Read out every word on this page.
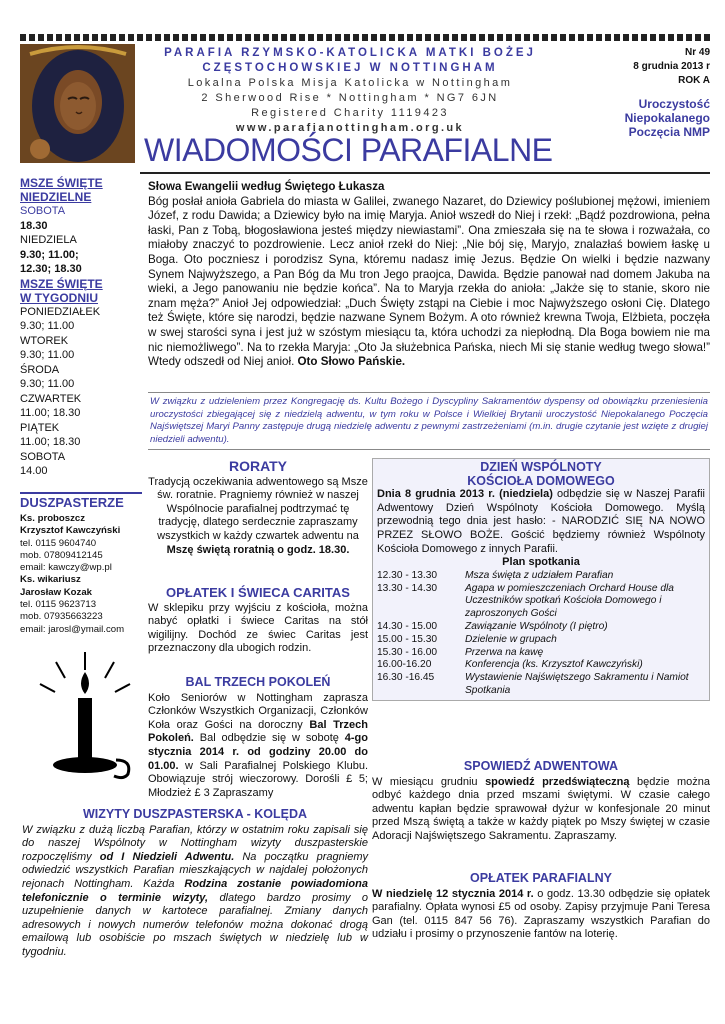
PARAFIA RZYMSKO-KATOLICKA MATKI BOŻEJ
CZĘSTOCHOWSKIEJ W NOTTINGHAM
Lokalna Polska Misja Katolicka w Nottingham
2 Sherwood Rise * Nottingham * NG7 6JN
Registered Charity 1119423
www.parafianottingham.org.uk
Nr 49
8 grudnia 2013 r
ROK A
Uroczystość
Niepokalanego
Poczęcia NMP
WIADOMOŚCI PARAFIALNE
MSZE ŚWIĘTE
NIEDZIELNE
SOBOTA
18.30
NIEDZIELA
9.30; 11.00;
12.30; 18.30
MSZE ŚWIĘTE
W TYGODNIU
PONIEDZIAŁEK
9.30; 11.00
WTOREK
9.30; 11.00
ŚRODA
9.30; 11.00
CZWARTEK
11.00; 18.30
PIĄTEK
11.00; 18.30
SOBOTA
14.00
DUSZPASTERZE
Ks. proboszcz
Krzysztof Kawczyński
tel. 0115 9604740
mob. 07809412145
email: kawczy@wp.pl
Ks. wikariusz
Jarosław Kozak
tel. 0115 9623713
mob. 07935663223
email: jarosl@ymail.com
Słowa Ewangelii według Świętego Łukasza
Bóg posłał anioła Gabriela do miasta w Galilei, zwanego Nazaret, do Dziewicy poślubionej mężowi, imieniem Józef, z rodu Dawida; a Dziewicy było na imię Maryja. Anioł wszedł do Niej i rzekł: „Bądź pozdrowiona, pełna łaski, Pan z Tobą, błogosławiona jesteś między niewiastami”. Ona zmieszała się na te słowa i rozważała, co miałoby znaczyć to pozdrowienie. Lecz anioł rzekł do Niej: „Nie bój się, Maryjo, znalazłaś bowiem łaskę u Boga. Oto poczniesz i porodzisz Syna, któremu nadasz imię Jezus. Będzie On wielki i będzie nazwany Synem Najwyższego, a Pan Bóg da Mu tron Jego praojca, Dawida. Będzie panował nad domem Jakuba na wieki, a Jego panowaniu nie będzie końca”. Na to Maryja rzekła do anioła: „Jakże się to stanie, skoro nie znam męża?” Anioł Jej odpowiedział: „Duch Święty zstąpi na Ciebie i moc Najwyższego osłoni Cię. Dlatego też Święte, które się narodzi, będzie nazwane Synem Bożym. A oto również krewna Twoja, Elżbieta, poczęła w swej starości syna i jest już w szóstym miesiącu ta, która uchodzi za niepłodną. Dla Boga bowiem nie ma nic niemożliwego”. Na to rzekła Maryja: „Oto Ja służebnica Pańska, niech Mi się stanie według twego słowa!” Wtedy odszedł od Niej anioł. Oto Słowo Pańskie.
W związku z udzieleniem przez Kongregację ds. Kultu Bożego i Dyscypliny Sakramentów dyspensy od obowiązku przeniesienia uroczystości zbiegającej się z niedzielą adwentu, w tym roku w Polsce i Wielkiej Brytanii uroczystość Niepokalanego Poczęcia Najświętszej Maryi Panny zastępuje drugą niedzielę adwentu z pewnymi zastrzeżeniami (m.in. drugie czytanie jest wzięte z drugiej niedzieli adwentu).
RORATY
Tradycją oczekiwania adwentowego są Msze św. roratnie. Pragniemy również w naszej Wspólnocie parafialnej podtrzymać tę tradycję, dlatego serdecznie zapraszamy wszystkich w każdy czwartek adwentu na Mszę świętą roratnią o godz. 18.30.
OPŁATEK I ŚWIECA CARITAS
W sklepiku przy wyjściu z kościoła, można nabyć opłatki i świece Caritas na stół wigilijny. Dochód ze świec Caritas jest przeznaczony dla ubogich rodzin.
BAL TRZECH POKOLEŃ
Koło Seniorów w Nottingham zaprasza Członków Wszystkich Organizacji, Członków Koła oraz Gości na doroczny Bal Trzech Pokoleń. Bal odbędzie się w sobotę 4-go stycznia 2014 r. od godziny 20.00 do 01.00. w Sali Parafialnej Polskiego Klubu. Obowiązuje strój wieczorowy. Dorośli £ 5; Młodzież £ 3 Zapraszamy
WIZYTY DUSZPASTERSKA - KOLĘDA
W związku z dużą liczbą Parafian, którzy w ostatnim roku zapisali się do naszej Wspólnoty w Nottingham wizyty duszpasterskie rozpoczęliśmy od I Niedzieli Adwentu. Na początku pragniemy odwiedzić wszystkich Parafian mieszkających w najdalej położonych rejonach Nottingham. Każda Rodzina zostanie powiadomiona telefonicznie o terminie wizyty, dlatego bardzo prosimy o uzupełnienie danych w kartotece parafialnej. Zmiany danych adresowych i nowych numerów telefonów można dokonać drogą emailową lub osobiście po mszach świętych w niedzielę lub w tygodniu.
DZIEŃ WSPÓLNOTY
KOŚCIOŁA DOMOWEGO
Dnia 8 grudnia 2013 r. (niedziela) odbędzie się w Naszej Parafii Adwentowy Dzień Wspólnoty Kościoła Domowego. Myślą przewodnią tego dnia jest hasło: - NARODZIĆ SIĘ NA NOWO PRZEZ SŁOWO BOŻE. Gościć będziemy również Wspólnoty Kościoła Domowego z innych Parafii.
Plan spotkania
12.30 - 13.30	Msza święta z udziałem Parafian
13.30 - 14.30	Agapa w pomieszczeniach Orchard House dla Uczestników spotkań Kościoła Domowego i zaproszonych Gości
14.30 - 15.00	Zawiązanie Wspólnoty (I piętro)
15.00 - 15.30	Dzielenie w grupach
15.30 - 16.00	Przerwa na kawę
16.00-16.20	Konferencja (ks. Krzysztof Kawczyński)
16.30 -16.45	Wystawienie Najświętszego Sakramentu i Namiot Spotkania
SPOWIEDŹ ADWENTOWA
W miesiącu grudniu spowiedź przedświąteczną będzie można odbyć każdego dnia przed mszami świętymi. W czasie całego adwentu kapłan będzie sprawował dyżur w konfesjonale 20 minut przed Mszą świętą a także w każdy piątek po Mszy świętej w czasie Adoracji Najświętszego Sakramentu. Zapraszamy.
OPŁATEK PARAFIALNY
W niedzielę 12 stycznia 2014 r. o godz. 13.30 odbędzie się opłatek parafialny. Opłata wynosi £5 od osoby. Zapisy przyjmuje Pani Teresa Gan (tel. 0115 847 56 76). Zapraszamy wszystkich Parafian do udziału i prosimy o przynoszenie fantów na loterię.
